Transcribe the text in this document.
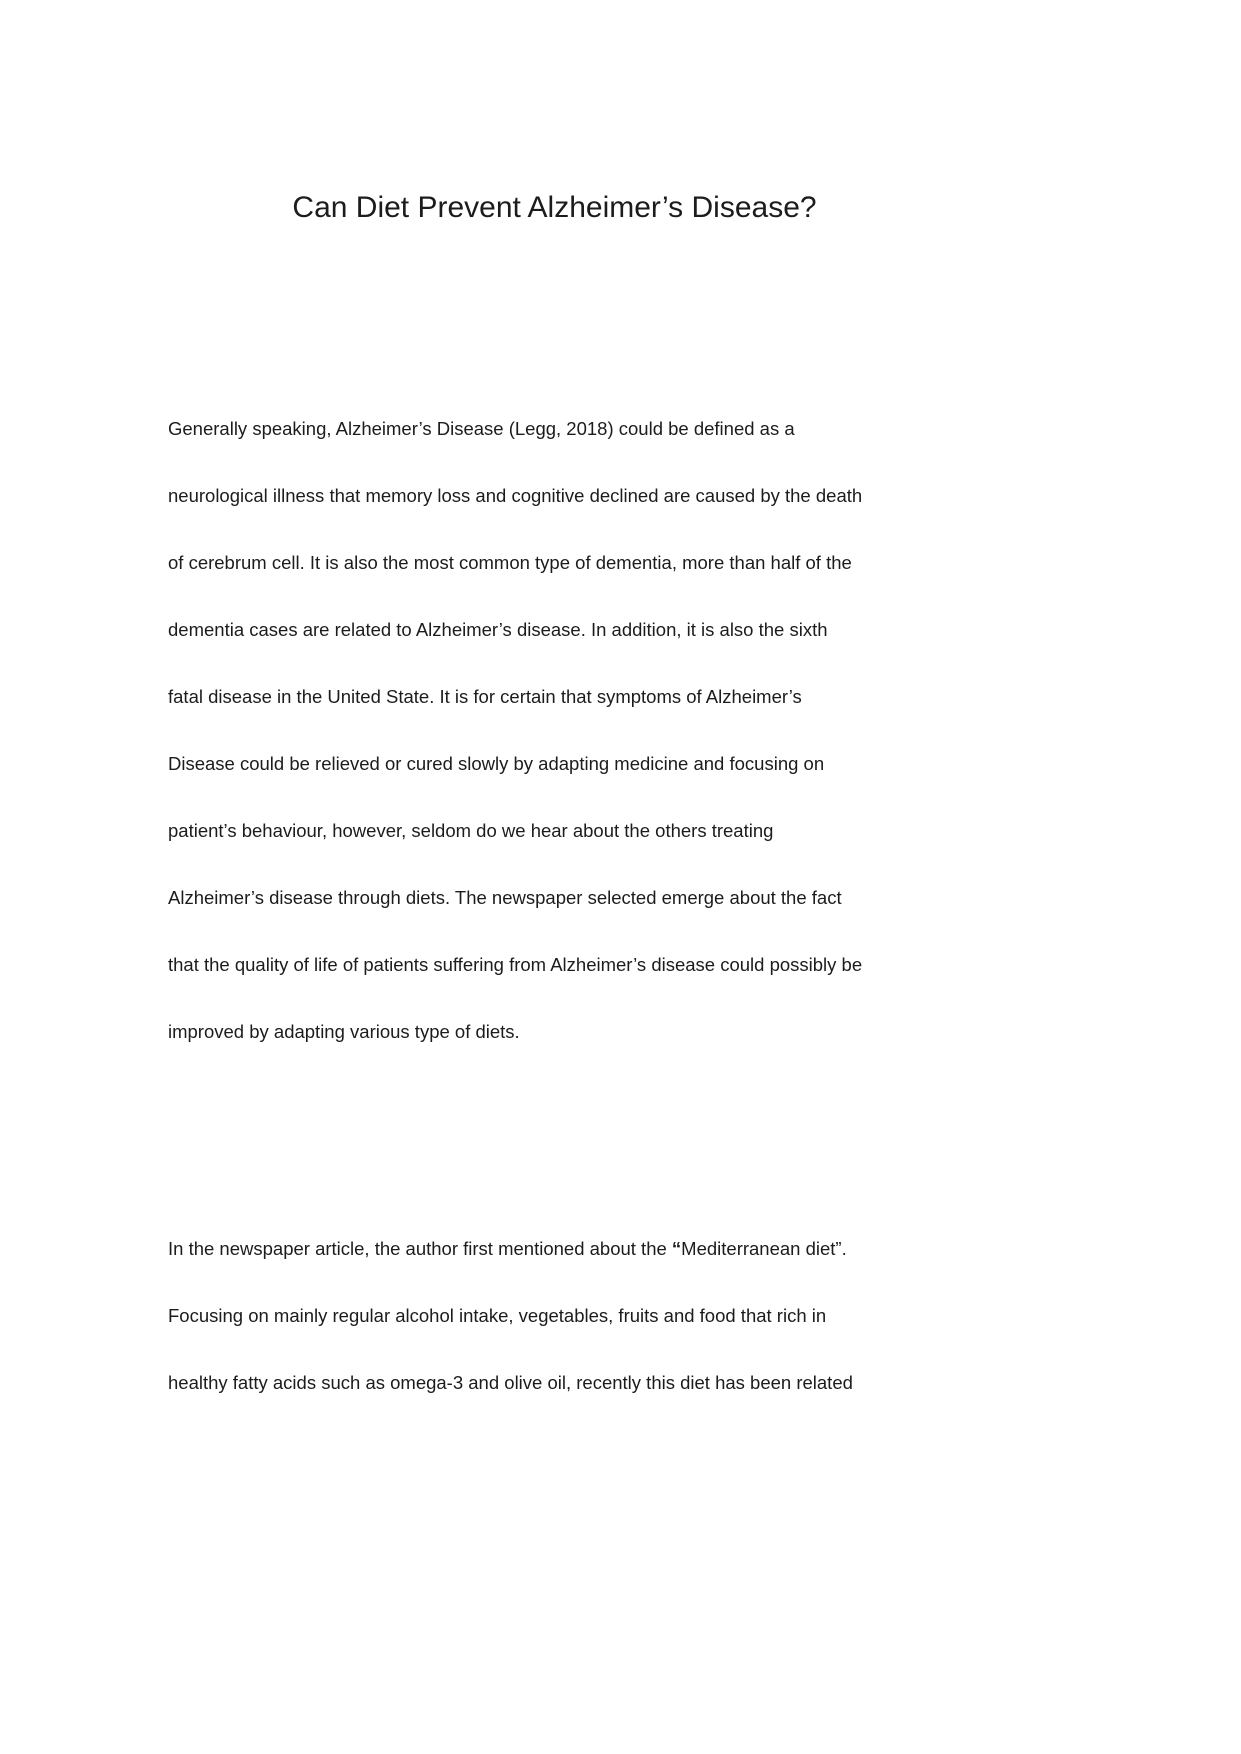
Can Diet Prevent Alzheimer’s Disease?
Generally speaking, Alzheimer’s Disease (Legg, 2018) could be defined as a
neurological illness that memory loss and cognitive declined are caused by the death
of cerebrum cell. It is also the most common type of dementia, more than half of the
dementia cases are related to Alzheimer’s disease. In addition, it is also the sixth
fatal disease in the United State. It is for certain that symptoms of Alzheimer’s
Disease could be relieved or cured slowly by adapting medicine and focusing on
patient’s behaviour, however, seldom do we hear about the others treating
Alzheimer’s disease through diets. The newspaper selected emerge about the fact
that the quality of life of patients suffering from Alzheimer’s disease could possibly be
improved by adapting various type of diets.
In the newspaper article, the author first mentioned about the “Mediterranean diet”.
Focusing on mainly regular alcohol intake, vegetables, fruits and food that rich in
healthy fatty acids such as omega-3 and olive oil, recently this diet has been related
